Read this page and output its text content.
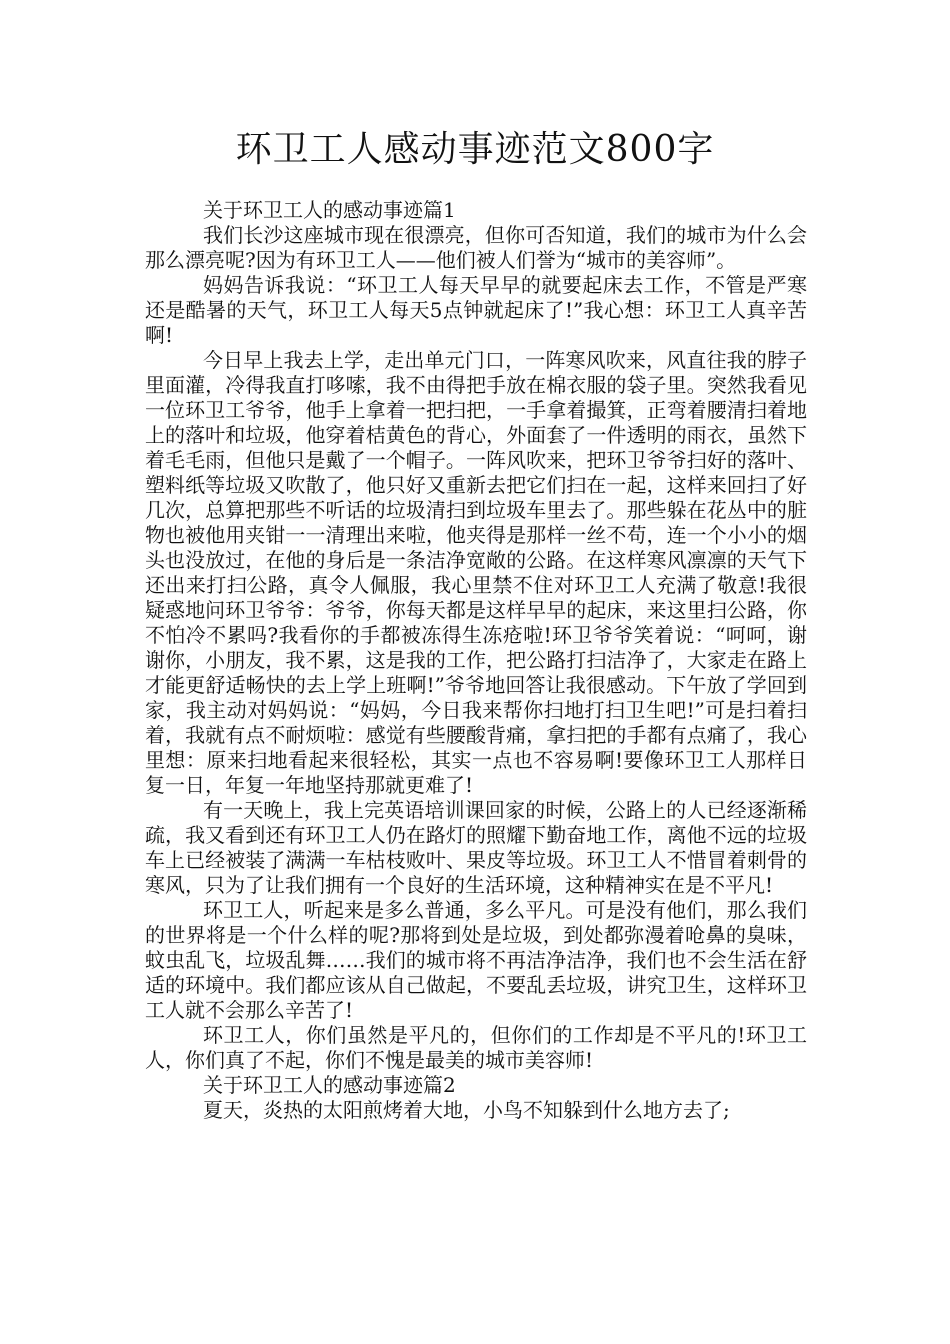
环卫工人感动事迹范文800字
关于环卫工人的感动事迹篇1

我们长沙这座城市现在很漂亮，但你可否知道，我们的城市为什么会那么漂亮呢?因为有环卫工人——他们被人们誉为“城市的美容师”。

妈妈告诉我说：“环卫工人每天早早的就要起床去工作，不管是严寒还是酷暑的天气，环卫工人每天5点钟就起床了!”我心想：环卫工人真辛苦啊!

今日早上我去上学，走出单元门口，一阵寒风吹来，风直往我的脖子里面灌，冷得我直打哆嗦，我不由得把手放在棉衣服的袋子里。突然我看见一位环卫工爷爷，他手上拿着一把扫把，一手拿着撮箕，正弯着腰清扫着地上的落叶和垃圾，他穿着桔黄色的背心，外面套了一件透明的雨衣，虽然下着毛毛雨，但他只是戴了一个帽子。一阵风吹来，把环卫爷爷扫好的落叶、塑料纸等垃圾又吹散了，他只好又重新去把它们扫在一起，这样来回扫了好几次，总算把那些不听话的垃圾清扫到垃圾车里去了。那些躲在花丛中的脏物也被他用夹钳一一清理出来啦，他夹得是那样一丝不苟，连一个小小的烟头也没放过，在他的身后是一条洁净宽敞的公路。在这样寒风凛凛的天气下还出来打扫公路，真令人佩服，我心里禁不住对环卫工人充满了敬意!我很疑惑地问环卫爷爷：爷爷，你每天都是这样早早的起床，来这里扫公路，你不怕冷不累吗?我看你的手都被冻得生冻疮啦!环卫爷爷笑着说：“呵呵，谢谢你，小朋友，我不累，这是我的工作，把公路打扫洁净了，大家走在路上才能更舒适畅快的去上学上班啊!”爷爷地回答让我很感动。下午放了学回到家，我主动对妈妈说：“妈妈，今日我来帮你扫地打扫卫生吧!”可是扫着扫着，我就有点不耐烦啦：感觉有些腰酸背痛，拿扫把的手都有点痛了，我心里想：原来扫地看起来很轻松，其实一点也不容易啊!要像环卫工人那样日复一日，年复一年地坚持那就更难了!

有一天晚上，我上完英语培训课回家的时候，公路上的人已经逐渐稀疏，我又看到还有环卫工人仍在路灯的照耀下勤奋地工作，离他不远的垃圾车上已经被装了满满一车枯枝败叶、果皮等垃圾。环卫工人不惜冒着刺骨的寒风，只为了让我们拥有一个良好的生活环境，这种精神实在是不平凡!

环卫工人，听起来是多么普通，多么平凡。可是没有他们，那么我们的世界将是一个什么样的呢?那将到处是垃圾，到处都弥漫着呛鼻的臭味，蚊虫乱飞，垃圾乱舞……我们的城市将不再洁净洁净，我们也不会生活在舒适的环境中。我们都应该从自己做起，不要乱丢垃圾，讲究卫生，这样环卫工人就不会那么辛苦了!

环卫工人，你们虽然是平凡的，但你们的工作却是不平凡的!环卫工人，你们真了不起，你们不愧是最美的城市美容师!

关于环卫工人的感动事迹篇2

夏天，炎热的太阳煎烤着大地，小鸟不知躲到什么地方去了;
